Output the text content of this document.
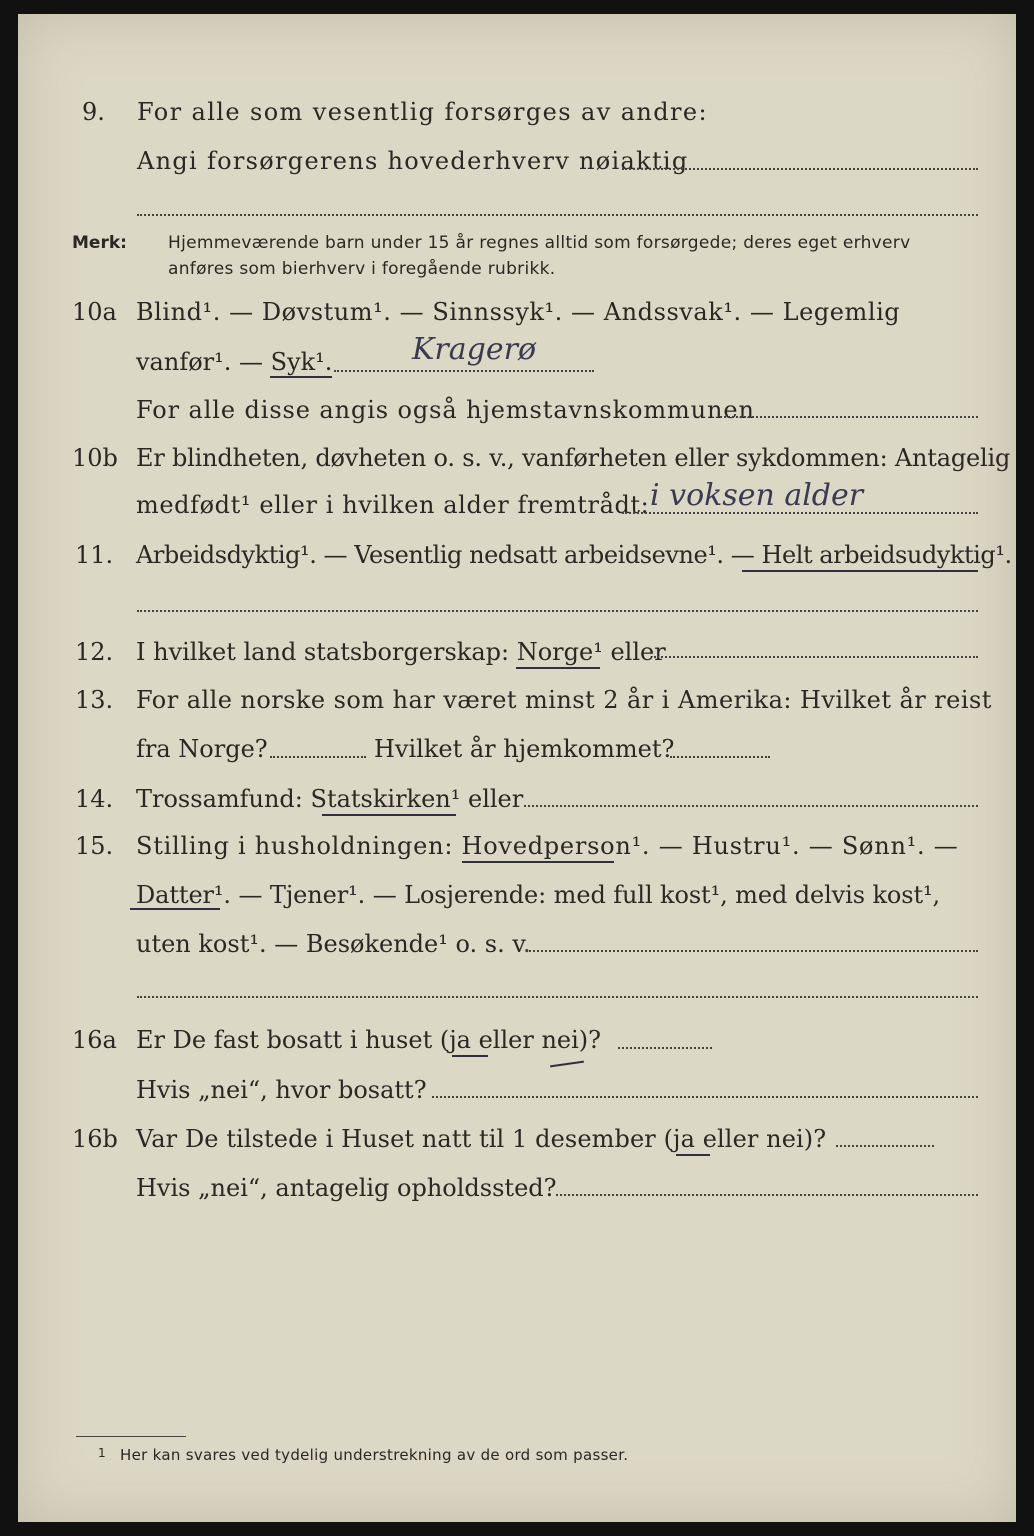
9. For alle som vesentlig forsørges av andre:
Angi forsørgerens hovederhverv nøiaktig
Merk: Hjemmeværende barn under 15 år regnes alltid som forsørgede; deres eget erhverv
anføres som bierhverv i foregående rubrikk.
10a Blind¹. — Døvstum¹. — Sinnssyk¹. — Andssvak¹. — Legemlig
vanfør¹. — Syk¹.	Kragerø
For alle disse angis også hjemstavnskommunen
10b Er blindheten, døvheten o. s. v., vanførheten eller sykdommen: Antagelig
medfødt¹ eller i hvilken alder fremtrådt: i voksen alder
11. Arbeidsdyktig¹. — Vesentlig nedsatt arbeidsevne¹. — Helt arbeidsudyktig¹.
12. I hvilket land statsborgerskap: Norge¹ eller
13. For alle norske som har været minst 2 år i Amerika: Hvilket år reist
fra Norge?	Hvilket år hjemkommet?
14. Trossamfund: Statskirken¹ eller
15. Stilling i husholdningen: Hovedperson¹. — Hustru¹. — Sønn¹. —
Datter¹. — Tjener¹. — Losjerende: med full kost¹, med delvis kost¹,
uten kost¹. — Besøkende¹ o. s. v.
16a Er De fast bosatt i huset (ja eller nei)?
Hvis „nei“, hvor bosatt?
16b Var De tilstede i Huset natt til 1 desember (ja eller nei)?
Hvis „nei“, antagelig opholdssted?
1 Her kan svares ved tydelig understrekning av de ord som passer.
